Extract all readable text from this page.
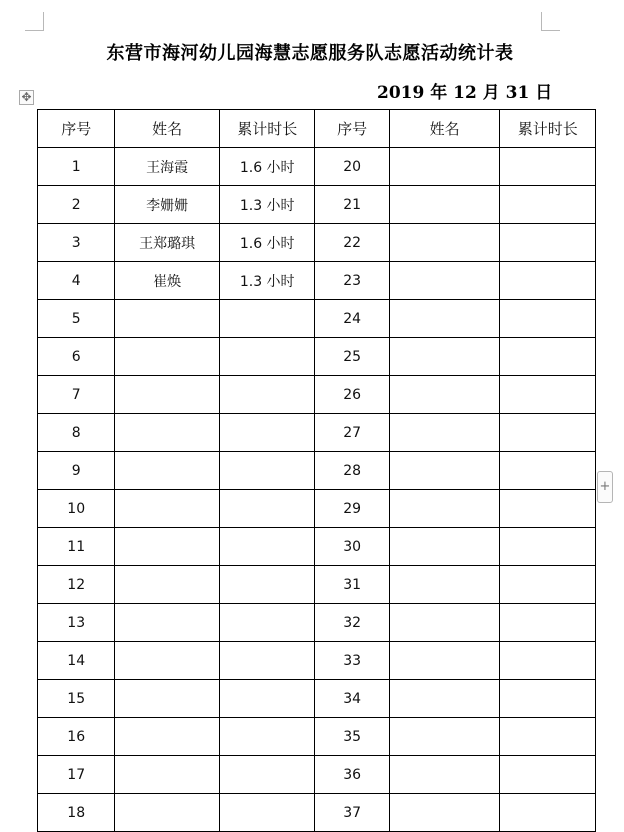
✥
+
东营市海河幼儿园海慧志愿服务队志愿活动统计表
2019 年 12 月 31 日
序号	姓名	累计时长	序号	姓名	累计时长
1	王海霞	1.6 小时	20		
2	李姗姗	1.3 小时	21		
3	王郑璐琪	1.6 小时	22		
4	崔焕	1.3 小时	23		
5			24		
6			25		
7			26		
8			27		
9			28		
10			29		
11			30		
12			31		
13			32		
14			33		
15			34		
16			35		
17			36		
18			37		
